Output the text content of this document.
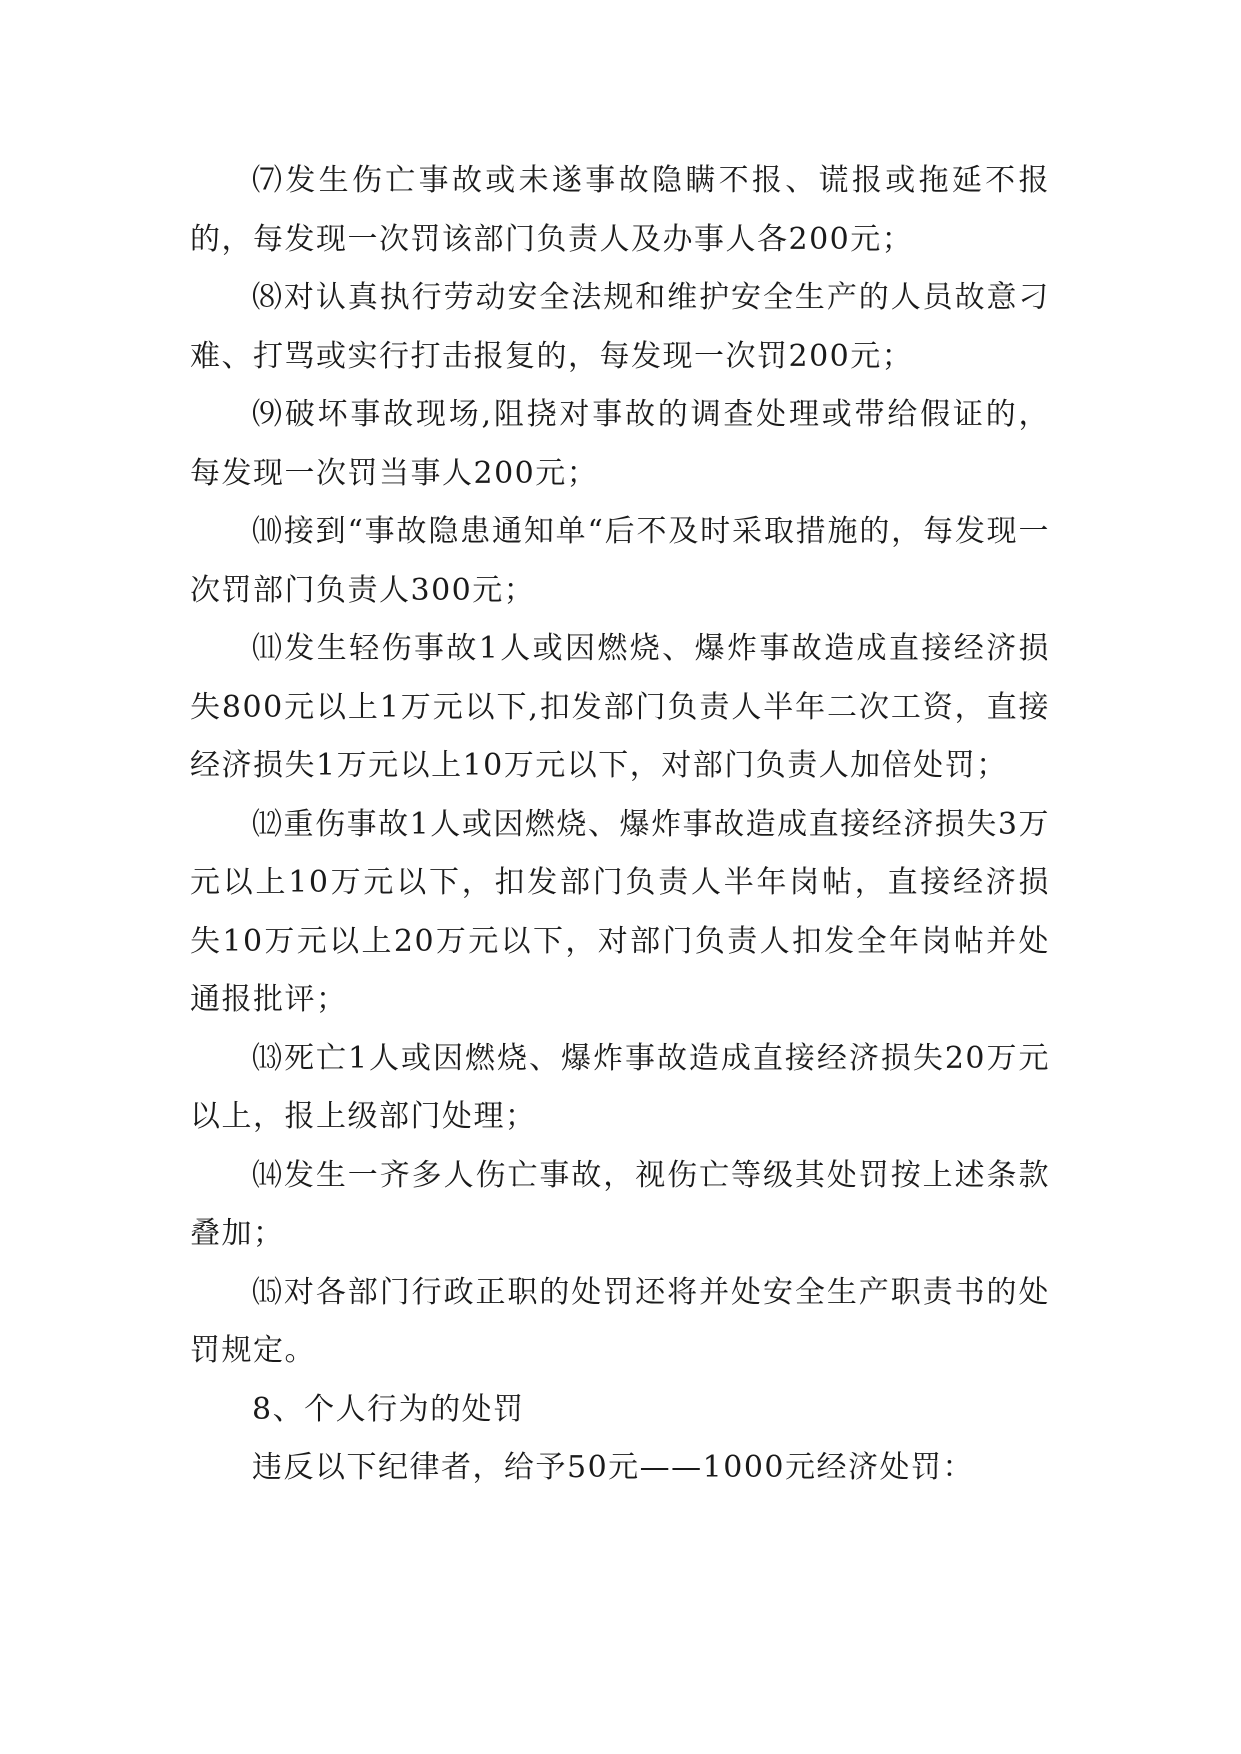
⑺发生伤亡事故或未遂事故隐瞒不报、谎报或拖延不报的，每发现一次罚该部门负责人及办事人各200元；

⑻对认真执行劳动安全法规和维护安全生产的人员故意刁难、打骂或实行打击报复的，每发现一次罚200元；

⑼破坏事故现场,阻挠对事故的调查处理或带给假证的，每发现一次罚当事人200元；

⑽接到“事故隐患通知单“后不及时采取措施的，每发现一次罚部门负责人300元；

⑾发生轻伤事故1人或因燃烧、爆炸事故造成直接经济损失800元以上1万元以下,扣发部门负责人半年二次工资，直接经济损失1万元以上10万元以下，对部门负责人加倍处罚；

⑿重伤事故1人或因燃烧、爆炸事故造成直接经济损失3万元以上10万元以下，扣发部门负责人半年岗帖，直接经济损失10万元以上20万元以下，对部门负责人扣发全年岗帖并处通报批评；

⒀死亡1人或因燃烧、爆炸事故造成直接经济损失20万元以上，报上级部门处理；

⒁发生一齐多人伤亡事故，视伤亡等级其处罚按上述条款叠加；

⒂对各部门行政正职的处罚还将并处安全生产职责书的处罚规定。

8、个人行为的处罚

违反以下纪律者，给予50元——1000元经济处罚：
